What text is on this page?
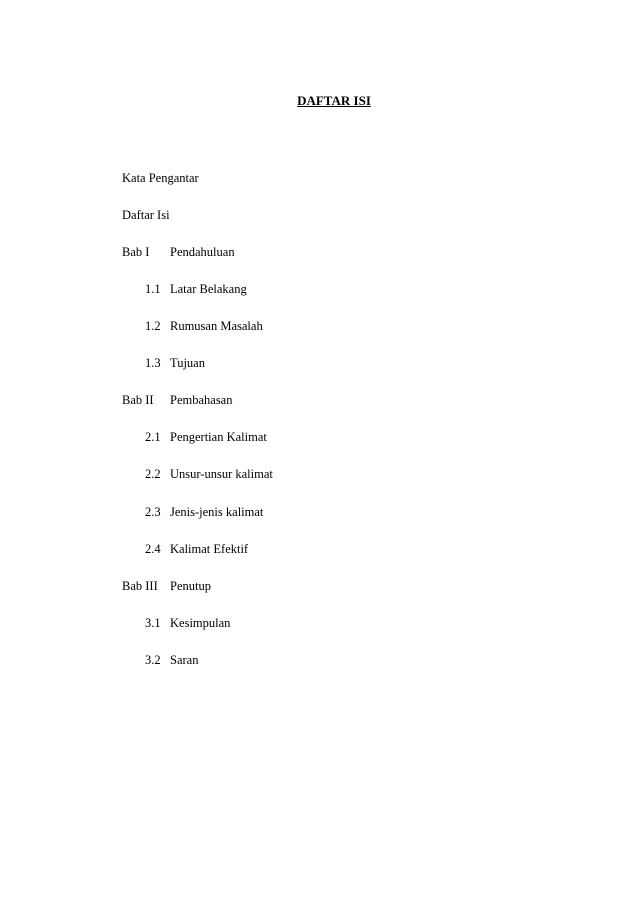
DAFTAR ISI
Kata Pengantar
Daftar Isi
Bab I Pendahuluan
1.1 Latar Belakang
1.2 Rumusan Masalah
1.3 Tujuan
Bab II Pembahasan
2.1 Pengertian Kalimat
2.2 Unsur-unsur kalimat
2.3 Jenis-jenis kalimat
2.4 Kalimat Efektif
Bab III Penutup
3.1 Kesimpulan
3.2 Saran
